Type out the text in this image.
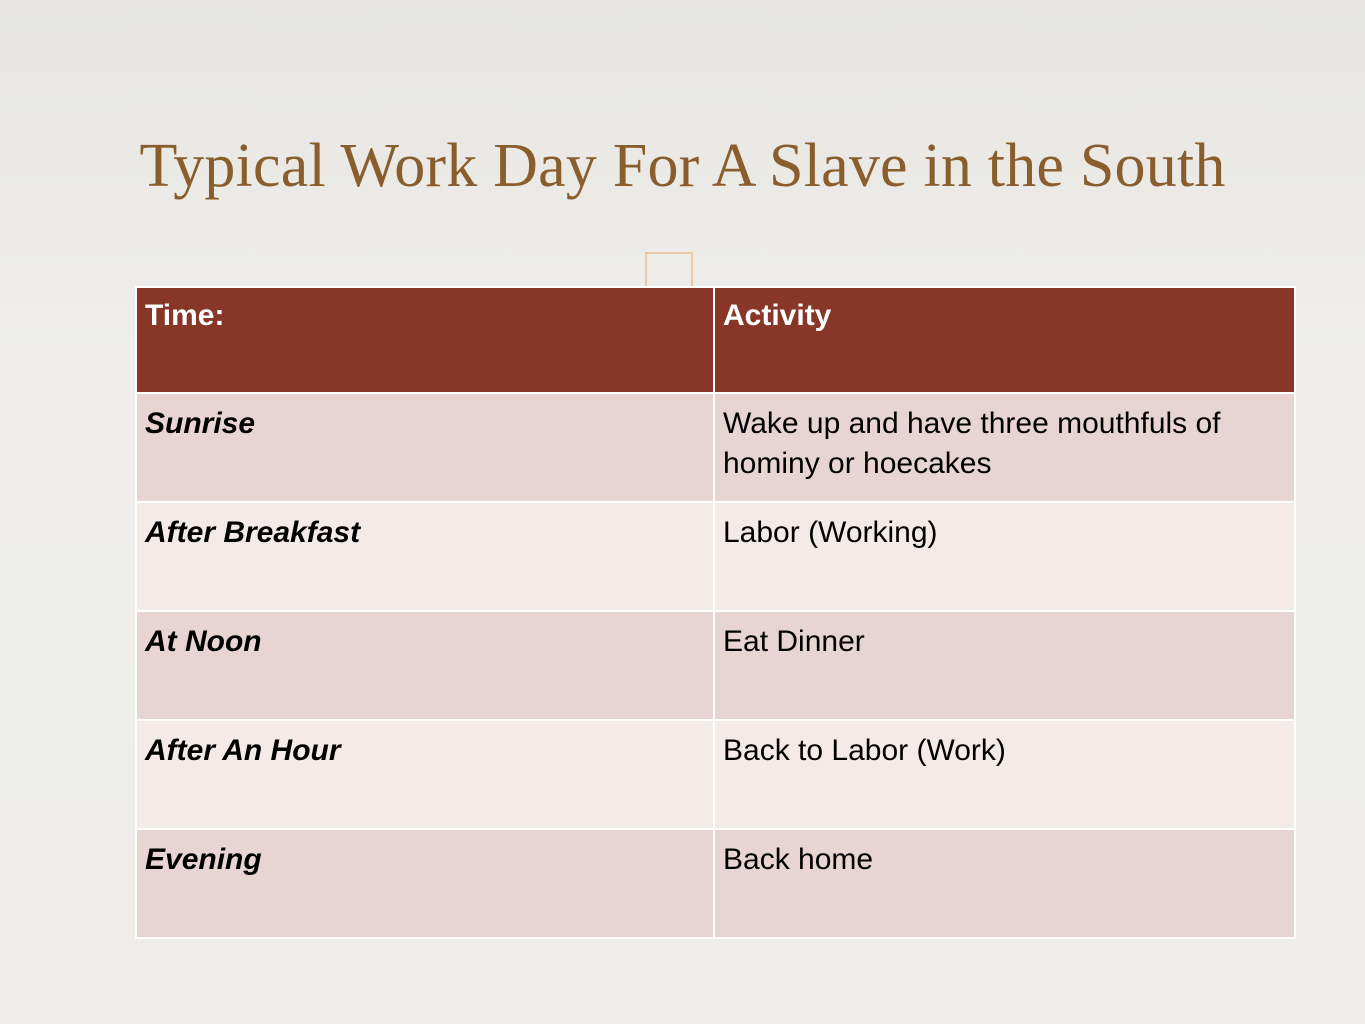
Typical Work Day For A Slave in the South
Time:	Activity
Sunrise	Wake up and have three mouthfuls of hominy or hoecakes
After Breakfast	Labor (Working)
At Noon	Eat Dinner
After An Hour	Back to Labor (Work)
Evening	Back home
